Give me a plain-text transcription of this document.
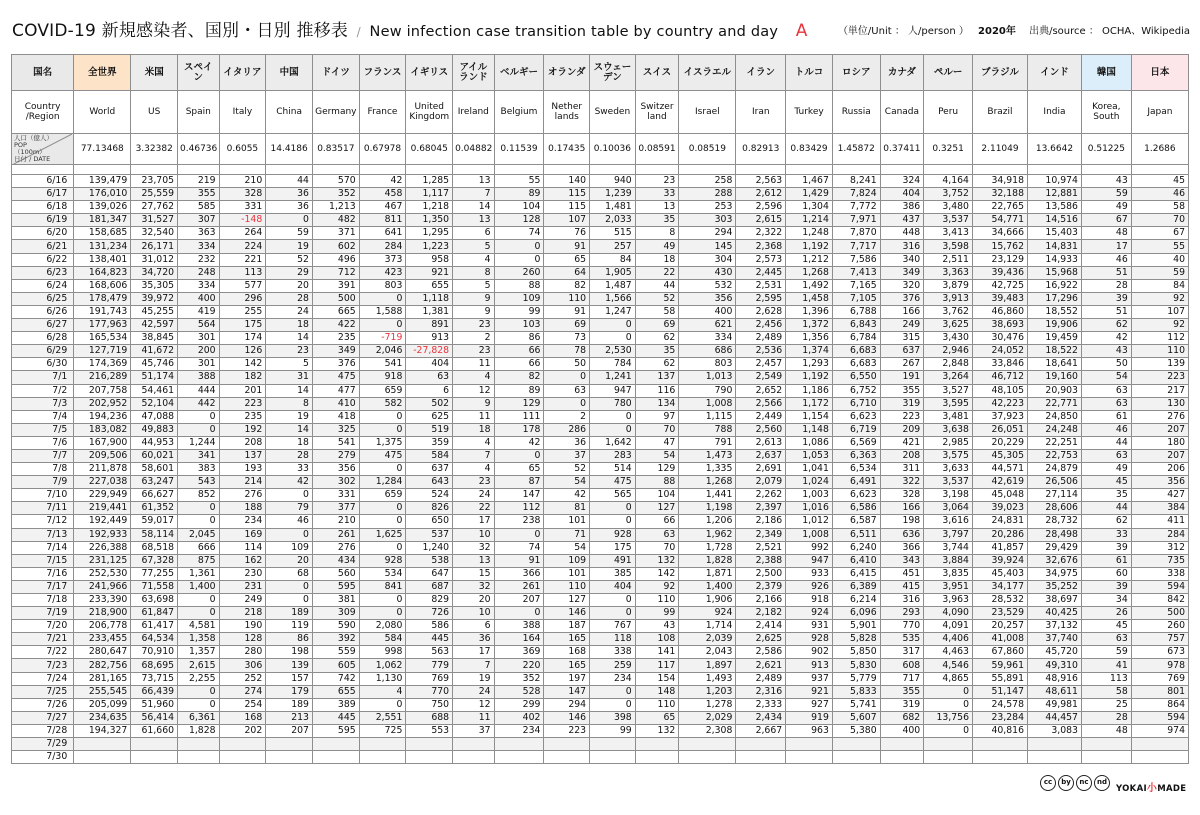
COVID-19 新規感染者、国別・日別 推移表 / New infection case transition table by country and day A	（単位/Unit ： 人/person ） 2020年 出典/source ： OCHA、Wikipedia
国名	全世界	米国	スペイン	イタリア	中国	ドイツ	フランス	イギリス	アイル
ランド	ベルギー	オランダ	スウェー
デン	スイス	イスラエル	イラン	トルコ	ロシア	カナダ	ペルー	ブラジル	インド	韓国	日本
Country
/Region	World	US	Spain	Italy	China	Germany	France	United
Kingdom	Ireland	Belgium	Nether
lands	Sweden	Switzer
land	Israel	Iran	Turkey	Russia	Canada	Peru	Brazil	India	Korea,
South	Japan

人口（億人）
POP
（100m）
日付 / DATE	77.13468	3.32382	0.46736	0.6055	14.4186	0.83517	0.67978	0.68045	0.04882	0.11539	0.17435	0.10036	0.08591	0.08519	0.82913	0.83429	1.45872	0.37411	0.3251	2.11049	13.6642	0.51225	1.2686

6/16	139,479	23,705	219	210	44	570	42	1,285	13	55	140	940	23	258	2,563	1,467	8,241	324	4,164	34,918	10,974	43	45
6/17	176,010	25,559	355	328	36	352	458	1,117	7	89	115	1,239	33	288	2,612	1,429	7,824	404	3,752	32,188	12,881	59	46
6/18	139,026	27,762	585	331	36	1,213	467	1,218	14	104	115	1,481	13	253	2,596	1,304	7,772	386	3,480	22,765	13,586	49	58
6/19	181,347	31,527	307	-148	0	482	811	1,350	13	128	107	2,033	35	303	2,615	1,214	7,971	437	3,537	54,771	14,516	67	70
6/20	158,685	32,540	363	264	59	371	641	1,295	6	74	76	515	8	294	2,322	1,248	7,870	448	3,413	34,666	15,403	48	67
6/21	131,234	26,171	334	224	19	602	284	1,223	5	0	91	257	49	145	2,368	1,192	7,717	316	3,598	15,762	14,831	17	55
6/22	138,401	31,012	232	221	52	496	373	958	4	0	65	84	18	304	2,573	1,212	7,586	340	2,511	23,129	14,933	46	40
6/23	164,823	34,720	248	113	29	712	423	921	8	260	64	1,905	22	430	2,445	1,268	7,413	349	3,363	39,436	15,968	51	59
6/24	168,606	35,305	334	577	20	391	803	655	5	88	82	1,487	44	532	2,531	1,492	7,165	320	3,879	42,725	16,922	28	84
6/25	178,479	39,972	400	296	28	500	0	1,118	9	109	110	1,566	52	356	2,595	1,458	7,105	376	3,913	39,483	17,296	39	92
6/26	191,743	45,255	419	255	24	665	1,588	1,381	9	99	91	1,247	58	400	2,628	1,396	6,788	166	3,762	46,860	18,552	51	107
6/27	177,963	42,597	564	175	18	422	0	891	23	103	69	0	69	621	2,456	1,372	6,843	249	3,625	38,693	19,906	62	92
6/28	165,534	38,845	301	174	14	235	-719	913	2	86	73	0	62	334	2,489	1,356	6,784	315	3,430	30,476	19,459	42	112
6/29	127,719	41,672	200	126	23	349	2,046	-27,828	23	66	78	2,530	35	686	2,536	1,374	6,683	637	2,946	24,052	18,522	43	110
6/30	174,369	45,746	301	142	5	376	541	404	11	66	50	784	62	803	2,457	1,293	6,683	267	2,848	33,846	18,641	50	139
7/1	216,289	51,174	388	182	31	475	918	63	4	82	0	1,241	137	1,013	2,549	1,192	6,550	191	3,264	46,712	19,160	54	223
7/2	207,758	54,461	444	201	14	477	659	6	12	89	63	947	116	790	2,652	1,186	6,752	355	3,527	48,105	20,903	63	217
7/3	202,952	52,104	442	223	8	410	582	502	9	129	0	780	134	1,008	2,566	1,172	6,710	319	3,595	42,223	22,771	63	130
7/4	194,236	47,088	0	235	19	418	0	625	11	111	2	0	97	1,115	2,449	1,154	6,623	223	3,481	37,923	24,850	61	276
7/5	183,082	49,883	0	192	14	325	0	519	18	178	286	0	70	788	2,560	1,148	6,719	209	3,638	26,051	24,248	46	207
7/6	167,900	44,953	1,244	208	18	541	1,375	359	4	42	36	1,642	47	791	2,613	1,086	6,569	421	2,985	20,229	22,251	44	180
7/7	209,506	60,021	341	137	28	279	475	584	7	0	37	283	54	1,473	2,637	1,053	6,363	208	3,575	45,305	22,753	63	207
7/8	211,878	58,601	383	193	33	356	0	637	4	65	52	514	129	1,335	2,691	1,041	6,534	311	3,633	44,571	24,879	49	206
7/9	227,038	63,247	543	214	42	302	1,284	643	23	87	54	475	88	1,268	2,079	1,024	6,491	322	3,537	42,619	26,506	45	356
7/10	229,949	66,627	852	276	0	331	659	524	24	147	42	565	104	1,441	2,262	1,003	6,623	328	3,198	45,048	27,114	35	427
7/11	219,441	61,352	0	188	79	377	0	826	22	112	81	0	127	1,198	2,397	1,016	6,586	166	3,064	39,023	28,606	44	384
7/12	192,449	59,017	0	234	46	210	0	650	17	238	101	0	66	1,206	2,186	1,012	6,587	198	3,616	24,831	28,732	62	411
7/13	192,933	58,114	2,045	169	0	261	1,625	537	10	0	71	928	63	1,962	2,349	1,008	6,511	636	3,797	20,286	28,498	33	284
7/14	226,388	68,518	666	114	109	276	0	1,240	32	74	54	175	70	1,728	2,521	992	6,240	366	3,744	41,857	29,429	39	312
7/15	231,125	67,328	875	162	20	434	928	538	13	91	109	491	132	1,828	2,388	947	6,410	343	3,884	39,924	32,676	61	735
7/16	252,530	77,255	1,361	230	68	560	534	647	15	366	101	385	142	1,871	2,500	933	6,415	451	3,835	45,403	34,975	60	338
7/17	241,966	71,558	1,400	231	0	595	841	687	32	261	110	404	92	1,400	2,379	926	6,389	415	3,951	34,177	35,252	39	594
7/18	233,390	63,698	0	249	0	381	0	829	20	207	127	0	110	1,906	2,166	918	6,214	316	3,963	28,532	38,697	34	842
7/19	218,900	61,847	0	218	189	309	0	726	10	0	146	0	99	924	2,182	924	6,096	293	4,090	23,529	40,425	26	500
7/20	206,778	61,417	4,581	190	119	590	2,080	586	6	388	187	767	43	1,714	2,414	931	5,901	770	4,091	20,257	37,132	45	260
7/21	233,455	64,534	1,358	128	86	392	584	445	36	164	165	118	108	2,039	2,625	928	5,828	535	4,406	41,008	37,740	63	757
7/22	280,647	70,910	1,357	280	198	559	998	563	17	369	168	338	141	2,043	2,586	902	5,850	317	4,463	67,860	45,720	59	673
7/23	282,756	68,695	2,615	306	139	605	1,062	779	7	220	165	259	117	1,897	2,621	913	5,830	608	4,546	59,961	49,310	41	978
7/24	281,165	73,715	2,255	252	157	742	1,130	769	19	352	197	234	154	1,493	2,489	937	5,779	717	4,865	55,891	48,916	113	769
7/25	255,545	66,439	0	274	179	655	4	770	24	528	147	0	148	1,203	2,316	921	5,833	355	0	51,147	48,611	58	801
7/26	205,099	51,960	0	254	189	389	0	750	12	299	294	0	110	1,278	2,333	927	5,741	319	0	24,578	49,981	25	864
7/27	234,635	56,414	6,361	168	213	445	2,551	688	11	402	146	398	65	2,029	2,434	919	5,607	682	13,756	23,284	44,457	28	594
7/28	194,327	61,660	1,828	202	207	595	725	553	37	234	223	99	132	2,308	2,667	963	5,380	400	0	40,816	3,083	48	974
7/29																							
7/30																							
cc	by	nc	nd
YOKAI小MADE
